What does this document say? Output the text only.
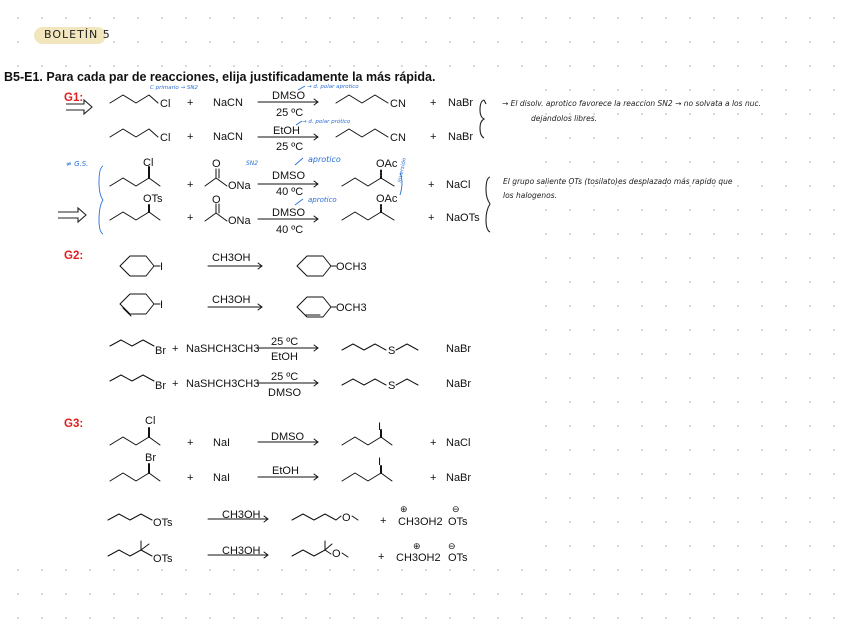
BOLETÍN 5
B5-E1. Para cada par de reacciones, elija justificadamente la más rápida.
G1:	Cl + NaCN
DMSO
25 ºC
CN + NaBr
Cl + NaCN	EtOH
25 ºC
CN + NaBr
Cl
+
O
ONa
DMSO
40 ºC
OAc
+ NaCl
OTs
+
O
ONa
DMSO
40 ºC
OAc
+ NaOTs
G2:
I
CH3OH
OCH3
I	CH3OH
OCH3
Br + NaSHCH3CH3
25 ºC
EtOH	S	NaBr
Br + NaSHCH3CH3
25 ºC
DMSO
S	NaBr
G3:	Cl
+ NaI	DMSO
I
+ NaCl
Br
+ NaI
EtOH
I
+ NaBr
OTs
CH3OH	O	+
⊕
CH3OH2
⊖
OTs
OTs
CH3OH	O	+
⊕
CH3OH2
⊖
OTs
→ El disolv. aprotico favorece la reaccion SN2 → no solvata a los nuc.
dejandolos libres.
El grupo saliente OTs (tosilato)es desplazado más rapido que
los halogenos.
C primario → SN2	→ d. polar aprotico
→ d. polar prótico
≠ G.S.	SN2	aprotico
aprotico
inversión
